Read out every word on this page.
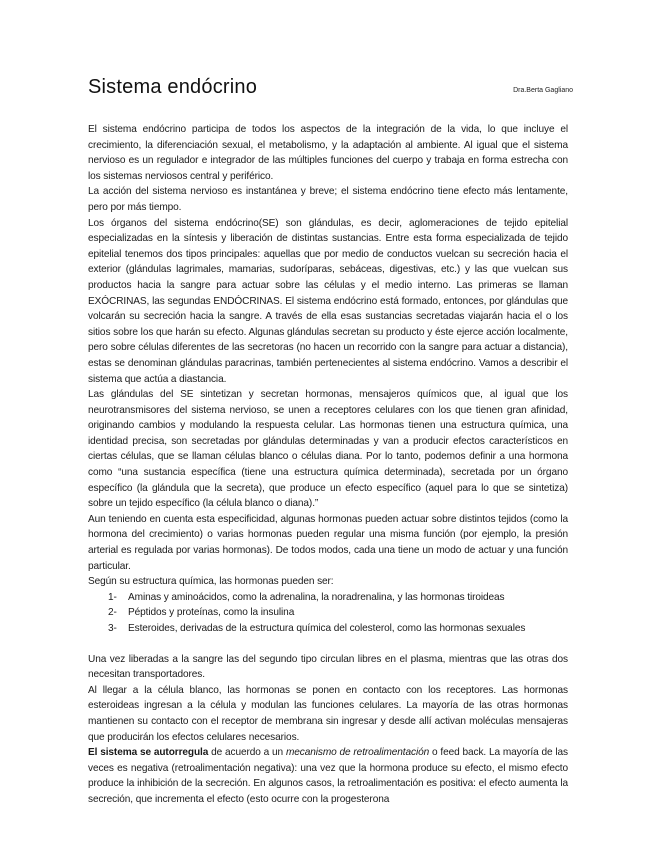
Sistema endócrino	Dra.Berta Gagliano

El sistema endócrino participa de todos los aspectos de la integración de la vida, lo que incluye el crecimiento, la diferenciación sexual, el metabolismo, y la adaptación al ambiente. Al igual que el sistema nervioso es un regulador e integrador de las múltiples funciones del cuerpo y trabaja en forma estrecha con los sistemas nerviosos central y periférico.

La acción del sistema nervioso es instantánea y breve; el sistema endócrino tiene efecto más lentamente, pero por más tiempo.

Los órganos del sistema endócrino(SE) son glándulas, es decir, aglomeraciones de tejido epitelial especializadas en la síntesis y liberación de distintas sustancias. Entre esta forma especializada de tejido epitelial tenemos dos tipos principales: aquellas que por medio de conductos vuelcan su secreción hacia el exterior (glándulas lagrimales, mamarias, sudoríparas, sebáceas, digestivas, etc.) y las que vuelcan sus productos hacia la sangre para actuar sobre las células y el medio interno. Las primeras se llaman EXÓCRINAS, las segundas ENDÓCRINAS. El sistema endócrino está formado, entonces, por glándulas que volcarán su secreción hacia la sangre. A través de ella esas sustancias secretadas viajarán hacia el o los sitios sobre los que harán su efecto. Algunas glándulas secretan su producto y éste ejerce acción localmente, pero sobre células diferentes de las secretoras (no hacen un recorrido con la sangre para actuar a distancia), estas se denominan glándulas paracrinas, también pertenecientes al sistema endócrino. Vamos a describir el sistema que actúa a diastancia.

Las glándulas del SE sintetizan y secretan hormonas, mensajeros químicos que, al igual que los neurotransmisores del sistema nervioso, se unen a receptores celulares con los que tienen gran afinidad, originando cambios y modulando la respuesta celular. Las hormonas tienen una estructura química, una identidad precisa, son secretadas por glándulas determinadas y van a producir efectos característicos en ciertas células, que se llaman células blanco o células diana. Por lo tanto, podemos definir a una hormona como “una sustancia específica (tiene una estructura química determinada), secretada por un órgano específico (la glándula que la secreta), que produce un efecto específico (aquel para lo que se sintetiza) sobre un tejido específico (la célula blanco o diana).”

Aun teniendo en cuenta esta especificidad, algunas hormonas pueden actuar sobre distintos tejidos (como la hormona del crecimiento) o varias hormonas pueden regular una misma función (por ejemplo, la presión arterial es regulada por varias hormonas). De todos modos, cada una tiene un modo de actuar y una función particular.

Según su estructura química, las hormonas pueden ser:

1-	Aminas y aminoácidos, como la adrenalina, la noradrenalina, y las hormonas tiroideas
2-	Péptidos y proteínas, como la insulina
3-	Esteroides, derivadas de la estructura química del colesterol, como las hormonas sexuales

Una vez liberadas a la sangre las del segundo tipo circulan libres en el plasma, mientras que las otras dos necesitan transportadores.

Al llegar a la célula blanco, las hormonas se ponen en contacto con los receptores. Las hormonas esteroideas ingresan a la célula y modulan las funciones celulares. La mayoría de las otras hormonas mantienen su contacto con el receptor de membrana sin ingresar y desde allí activan moléculas mensajeras que producirán los efectos celulares necesarios.

El sistema se autorregula de acuerdo a un mecanismo de retroalimentación o feed back. La mayoría de las veces es negativa (retroalimentación negativa): una vez que la hormona produce su efecto, el mismo efecto produce la inhibición de la secreción. En algunos casos, la retroalimentación es positiva: el efecto aumenta la secreción, que incrementa el efecto (esto ocurre con la progesterona
